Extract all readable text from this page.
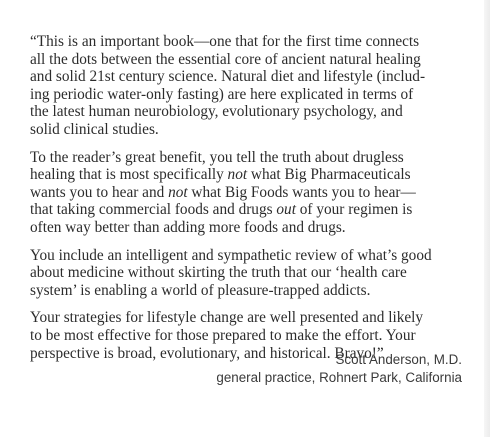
“This is an important book—one that for the first time connects
all the dots between the essential core of ancient natural healing
and solid 21st century science. Natural diet and lifestyle (includ-
ing periodic water-only fasting) are here explicated in terms of
the latest human neurobiology, evolutionary psychology, and
solid clinical studies.

To the reader’s great benefit, you tell the truth about drugless
healing that is most specifically not what Big Pharmaceuticals
wants you to hear and not what Big Foods wants you to hear—
that taking commercial foods and drugs out of your regimen is
often way better than adding more foods and drugs.

You include an intelligent and sympathetic review of what’s good
about medicine without skirting the truth that our ‘health care
system’ is enabling a world of pleasure-trapped addicts.

Your strategies for lifestyle change are well presented and likely
to be most effective for those prepared to make the effort. Your
perspective is broad, evolutionary, and historical. Bravo!”

Scott Anderson, M.D.
general practice, Rohnert Park, California
